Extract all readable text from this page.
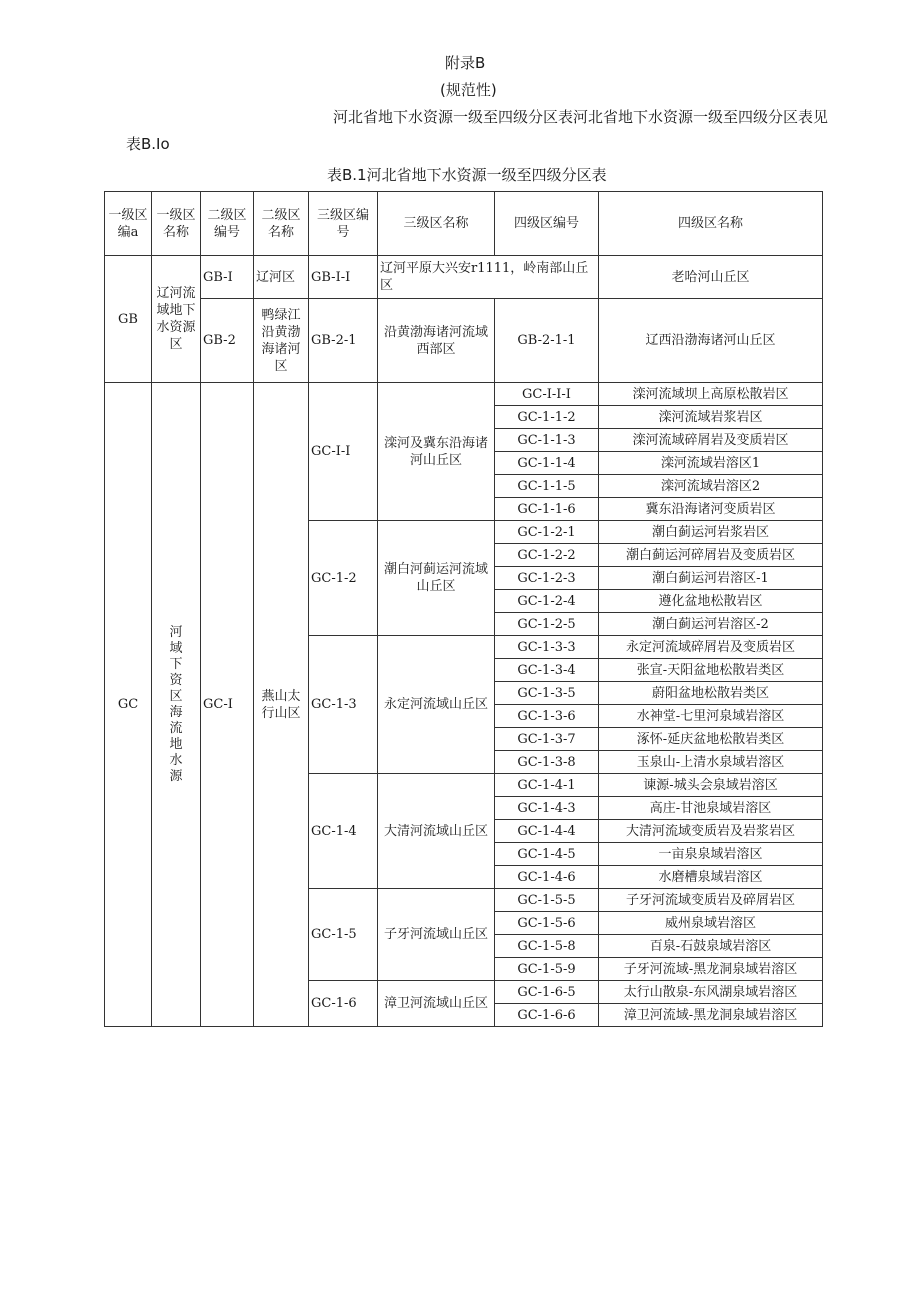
附录B
(规范性)
河北省地下水资源一级至四级分区表河北省地下水资源一级至四级分区表见
表B.Io
表B.1河北省地下水资源一级至四级分区表
一级区编a	一级区名称	二级区编号	二级区名称	三级区编号	三级区名称	四级区编号	四级区名称
GB	辽河流域地下水资源区	GB-I	辽河区	GB-I-I	辽河平原大兴安r1111，岭南部山丘区		老哈河山丘区
		GB-2	鸭绿江沿黄渤海诸河区	GB-2-1	沿黄渤海诸河流域西部区	GB-2-1-1	辽西沿渤海诸河山丘区
GC	河域下资区海流地水源	GC-I	燕山太行山区	GC-I-I	滦河及冀东沿海诸河山丘区	GC-I-I-I	滦河流域坝上高原松散岩区
						GC-1-1-2	滦河流域岩浆岩区
						GC-1-1-3	滦河流域碎屑岩及变质岩区
						GC-1-1-4	滦河流域岩溶区1
						GC-1-1-5	滦河流域岩溶区2
						GC-1-1-6	冀东沿海诸河变质岩区
				GC-1-2	潮白河蓟运河流域山丘区	GC-1-2-1	潮白蓟运河岩浆岩区
						GC-1-2-2	潮白蓟运河碎屑岩及变质岩区
						GC-1-2-3	潮白蓟运河岩溶区-1
						GC-1-2-4	遵化盆地松散岩区
						GC-1-2-5	潮白蓟运河岩溶区-2
				GC-1-3	永定河流域山丘区	GC-1-3-3	永定河流域碎屑岩及变质岩区
						GC-1-3-4	张宣-天阳盆地松散岩类区
						GC-1-3-5	蔚阳盆地松散岩类区
						GC-1-3-6	水神堂-七里河泉域岩溶区
						GC-1-3-7	涿怀-延庆盆地松散岩类区
						GC-1-3-8	玉泉山-上清水泉域岩溶区
				GC-1-4	大清河流域山丘区	GC-1-4-1	谏源-城头会泉域岩溶区
						GC-1-4-3	高庄-甘池泉域岩溶区
						GC-1-4-4	大清河流域变质岩及岩浆岩区
						GC-1-4-5	一亩泉泉域岩溶区
						GC-1-4-6	水磨槽泉域岩溶区
				GC-1-5	子牙河流域山丘区	GC-1-5-5	子牙河流域变质岩及碎屑岩区
						GC-1-5-6	威州泉域岩溶区
						GC-1-5-8	百泉-石鼓泉域岩溶区
						GC-1-5-9	子牙河流域-黑龙洞泉域岩溶区
				GC-1-6	漳卫河流域山丘区	GC-1-6-5	太行山散泉-东风湖泉域岩溶区
						GC-1-6-6	漳卫河流域-黑龙洞泉域岩溶区
